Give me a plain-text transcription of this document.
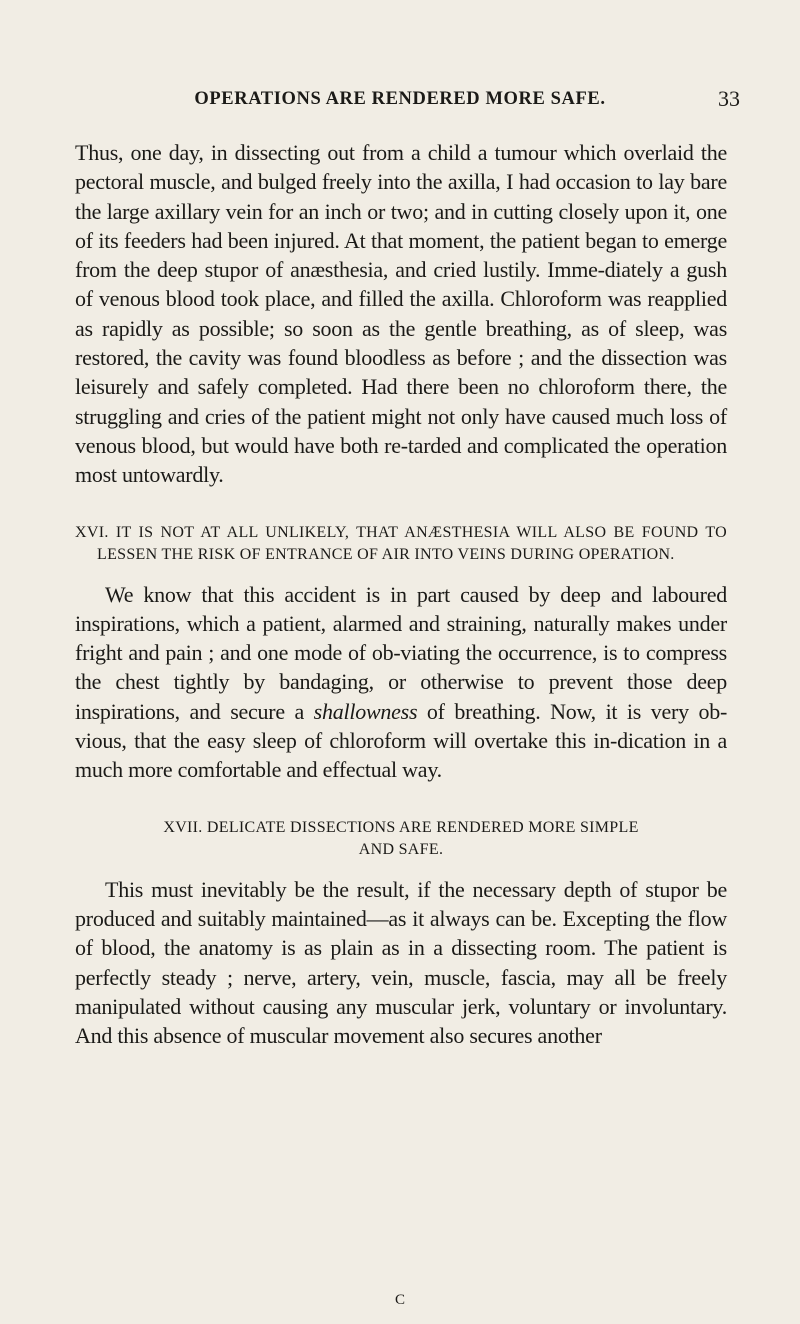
OPERATIONS ARE RENDERED MORE SAFE.	33

Thus, one day, in dissecting out from a child a tumour which overlaid the pectoral muscle, and bulged freely into the axilla, I had occasion to lay bare the large axillary vein for an inch or two; and in cutting closely upon it, one of its feeders had been injured. At that moment, the patient began to emerge from the deep stupor of anæsthesia, and cried lustily. Imme-diately a gush of venous blood took place, and filled the axilla. Chloroform was reapplied as rapidly as possible; so soon as the gentle breathing, as of sleep, was restored, the cavity was found bloodless as before ; and the dissection was leisurely and safely completed. Had there been no chloroform there, the struggling and cries of the patient might not only have caused much loss of venous blood, but would have both re-tarded and complicated the operation most untowardly.

XVI. IT IS NOT AT ALL UNLIKELY, THAT ANÆSTHESIA WILL ALSO BE FOUND TO LESSEN THE RISK OF ENTRANCE OF AIR INTO VEINS DURING OPERATION.

We know that this accident is in part caused by deep and laboured inspirations, which a patient, alarmed and straining, naturally makes under fright and pain ; and one mode of ob-viating the occurrence, is to compress the chest tightly by bandaging, or otherwise to prevent those deep inspirations, and secure a shallowness of breathing. Now, it is very ob-vious, that the easy sleep of chloroform will overtake this in-dication in a much more comfortable and effectual way.

XVII. DELICATE DISSECTIONS ARE RENDERED MORE SIMPLE

AND SAFE.

This must inevitably be the result, if the necessary depth of stupor be produced and suitably maintained—as it always can be. Excepting the flow of blood, the anatomy is as plain as in a dissecting room. The patient is perfectly steady ; nerve, artery, vein, muscle, fascia, may all be freely manipulated without causing any muscular jerk, voluntary or involuntary. And this absence of muscular movement also secures another

C
